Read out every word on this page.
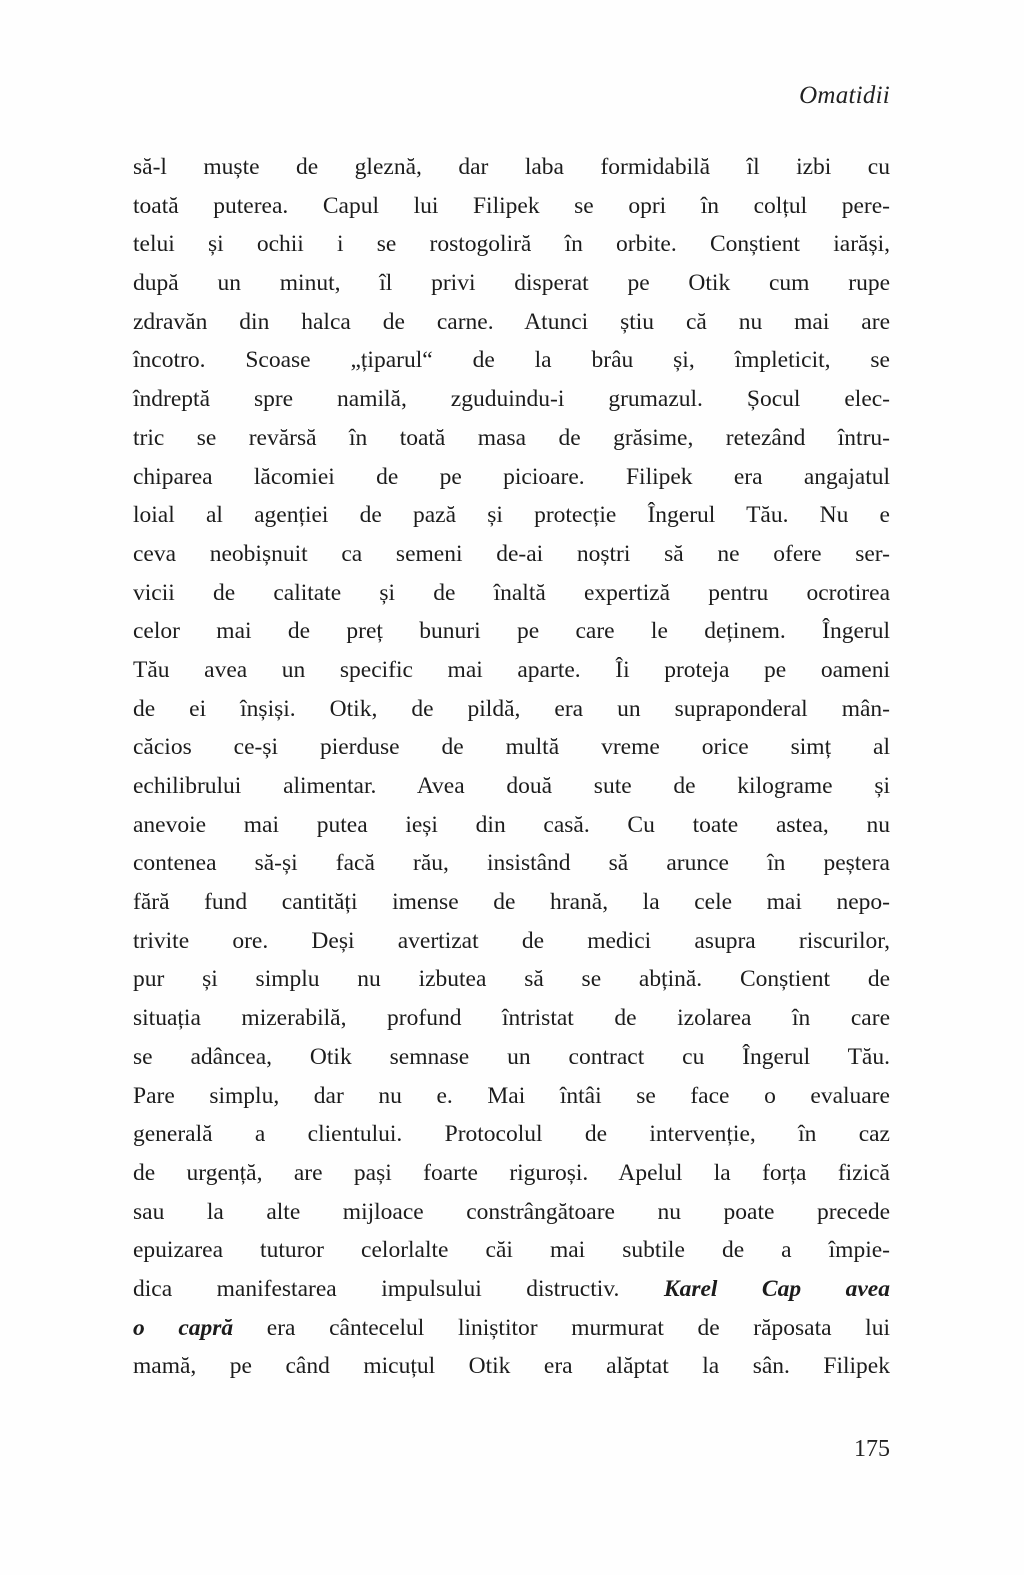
Omatidii
să-l muște de gleznă, dar laba formidabilă îl izbi cu
toată puterea. Capul lui Filipek se opri în colțul pere-
telui și ochii i se rostogoliră în orbite. Conștient iarăși,
după un minut, îl privi disperat pe Otik cum rupe
zdravăn din halca de carne. Atunci știu că nu mai are
încotro. Scoase „țiparul“ de la brâu și, împleticit, se
îndreptă spre namilă, zguduindu-i grumazul. Șocul elec-
tric se revărsă în toată masa de grăsime, retezând întru-
chiparea lăcomiei de pe picioare. Filipek era angajatul
loial al agenției de pază și protecție Îngerul Tău. Nu e
ceva neobișnuit ca semeni de-ai noștri să ne ofere ser-
vicii de calitate și de înaltă expertiză pentru ocrotirea
celor mai de preț bunuri pe care le deținem. Îngerul
Tău avea un specific mai aparte. Îi proteja pe oameni
de ei înșiși. Otik, de pildă, era un supraponderal mân-
căcios ce-și pierduse de multă vreme orice simț al
echilibrului alimentar. Avea două sute de kilograme și
anevoie mai putea ieși din casă. Cu toate astea, nu
contenea să-și facă rău, insistând să arunce în peștera
fără fund cantități imense de hrană, la cele mai nepo-
trivite ore. Deși avertizat de medici asupra riscurilor,
pur și simplu nu izbutea să se abțină. Conștient de
situația mizerabilă, profund întristat de izolarea în care
se adâncea, Otik semnase un contract cu Îngerul Tău.
Pare simplu, dar nu e. Mai întâi se face o evaluare
generală a clientului. Protocolul de intervenție, în caz
de urgență, are pași foarte riguroși. Apelul la forța fizică
sau la alte mijloace constrângătoare nu poate precede
epuizarea tuturor celorlalte căi mai subtile de a împie-
dica manifestarea impulsului distructiv. Karel Cap avea
o capră era cântecelul liniștitor murmurat de răposata lui
mamă, pe când micuțul Otik era alăptat la sân. Filipek
175
